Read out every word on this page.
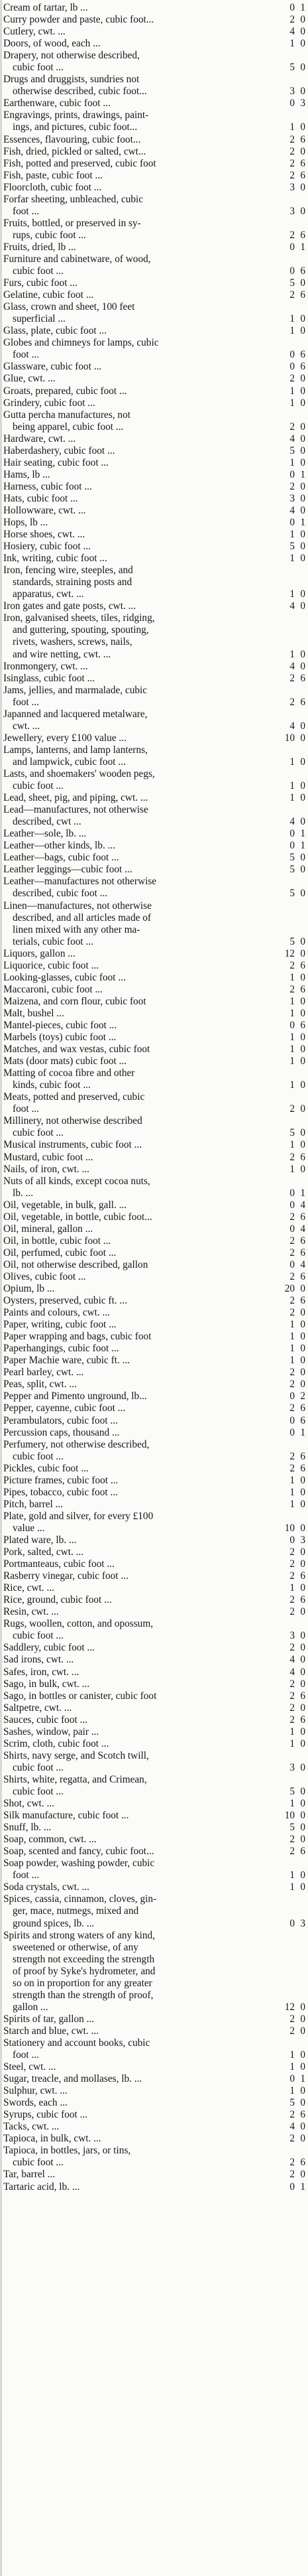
Cream of tartar, lb ...	0 1
Curry powder and paste, cubic foot...	2 0
Cutlery, cwt. ...	4 0
Doors, of wood, each ...	1 0
Drapery, not otherwise described,
cubic foot ...	5 0
Drugs and druggists, sundries not
otherwise described, cubic foot...	3 0
Earthenware, cubic foot ...	0 3
Engravings, prints, drawings, paint-
ings, and pictures, cubic foot...	1 0
Essences, flavouring, cubic foot...	2 6
Fish, dried, pickled or salted, cwt...	2 0
Fish, potted and preserved, cubic foot	2 6
Fish, paste, cubic foot ...	2 6
Floorcloth, cubic foot ...	3 0
Forfar sheeting, unbleached, cubic
foot ...	3 0
Fruits, bottled, or preserved in sy-
rups, cubic foot ...	2 6
Fruits, dried, lb ...	0 1
Furniture and cabinetware, of wood,
cubic foot ...	0 6
Furs, cubic foot ...	5 0
Gelatine, cubic foot ...	2 6
Glass, crown and sheet, 100 feet
superficial ...	1 0
Glass, plate, cubic foot ...	1 0
Globes and chimneys for lamps, cubic
foot ...	0 6
Glassware, cubic foot ...	0 6
Glue, cwt. ...	2 0
Groats, prepared, cubic foot ...	1 0
Grindery, cubic foot ...	1 0
Gutta percha manufactures, not
being apparel, cubic foot ...	2 0
Hardware, cwt. ...	4 0
Haberdashery, cubic foot ...	5 0
Hair seating, cubic foot ...	1 0
Hams, lb ...	0 1
Harness, cubic foot ...	2 0
Hats, cubic foot ...	3 0
Hollowware, cwt. ...	4 0
Hops, lb ...	0 1
Horse shoes, cwt. ...	1 0
Hosiery, cubic foot ...	5 0
Ink, writing, cubic foot ...	1 0
Iron, fencing wire, steeples, and
standards, straining posts and
apparatus, cwt. ...	1 0
Iron gates and gate posts, cwt. ...	4 0
Iron, galvanised sheets, tiles, ridging,
and guttering, spouting, spouting,
rivets, washers, screws, nails,
and wire netting, cwt. ...	1 0
Ironmongery, cwt. ...	4 0
Isinglass, cubic foot ...	2 6
Jams, jellies, and marmalade, cubic
foot ...	2 6
Japanned and lacquered metalware,
cwt. ...	4 0
Jewellery, every £100 value ...	10 0
Lamps, lanterns, and lamp lanterns,
and lampwick, cubic foot ...	1 0
Lasts, and shoemakers' wooden pegs,
cubic foot ...	1 0
Lead, sheet, pig, and piping, cwt. ...	1 0
Lead—manufactures, not otherwise
described, cwt ...	4 0
Leather—sole, lb. ...	0 1
Leather—other kinds, lb. ...	0 1
Leather—bags, cubic foot ...	5 0
Leather leggings—cubic foot ...	5 0
Leather—manufactures not otherwise
described, cubic foot ...	5 0
Linen—manufactures, not otherwise
described, and all articles made of
linen mixed with any other ma-
terials, cubic foot ...	5 0
Liquors, gallon ...	12 0
Liquorice, cubic foot ...	2 6
Looking-glasses, cubic foot ...	1 0
Maccaroni, cubic foot ...	2 6
Maizena, and corn flour, cubic foot	1 0
Malt, bushel ...	1 0
Mantel-pieces, cubic foot ...	0 6
Marbels (toys) cubic foot ...	1 0
Matches, and wax vestas, cubic foot	1 0
Mats (door mats) cubic foot ...	1 0
Matting of cocoa fibre and other
kinds, cubic foot ...	1 0
Meats, potted and preserved, cubic
foot ...	2 0
Millinery, not otherwise described
cubic foot ...	5 0
Musical instruments, cubic foot ...	1 0
Mustard, cubic foot ...	2 6
Nails, of iron, cwt. ...	1 0
Nuts of all kinds, except cocoa nuts,
lb. ...	0 1
Oil, vegetable, in bulk, gall. ...	0 4
Oil, vegetable, in bottle, cubic foot...	2 6
Oil, mineral, gallon ...	0 4
Oil, in bottle, cubic foot ...	2 6
Oil, perfumed, cubic foot ...	2 6
Oil, not otherwise described, gallon	0 4
Olives, cubic foot ...	2 6
Opium, lb ...	20 0
Oysters, preserved, cubic ft. ...	2 6
Paints and colours, cwt. ...	2 0
Paper, writing, cubic foot ...	1 0
Paper wrapping and bags, cubic foot	1 0
Paperhangings, cubic foot ...	1 0
Paper Machie ware, cubic ft. ...	1 0
Pearl barley, cwt. ...	2 0
Peas, split, cwt. ...	2 0
Pepper and Pimento unground, lb...	0 2
Pepper, cayenne, cubic foot ...	2 6
Perambulators, cubic foot ...	0 6
Percussion caps, thousand ...	0 1
Perfumery, not otherwise described,
cubic foot ...	2 6
Pickles, cubic foot ...	2 6
Picture frames, cubic foot ...	1 0
Pipes, tobacco, cubic foot ...	1 0
Pitch, barrel ...	1 0
Plate, gold and silver, for every £100
value ...	10 0
Plated ware, lb. ...	0 3
Pork, salted, cwt. ...	2 0
Portmanteaus, cubic foot ...	2 0
Rasberry vinegar, cubic foot ...	2 6
Rice, cwt. ...	1 0
Rice, ground, cubic foot ...	2 6
Resin, cwt. ...	2 0
Rugs, woollen, cotton, and opossum,
cubic foot ...	3 0
Saddlery, cubic foot ...	2 0
Sad irons, cwt. ...	4 0
Safes, iron, cwt. ...	4 0
Sago, in bulk, cwt. ...	2 0
Sago, in bottles or canister, cubic foot	2 6
Saltpetre, cwt. ...	2 0
Sauces, cubic foot ...	2 6
Sashes, window, pair ...	1 0
Scrim, cloth, cubic foot ...	1 0
Shirts, navy serge, and Scotch twill,
cubic foot ...	3 0
Shirts, white, regatta, and Crimean,
cubic foot ...	5 0
Shot, cwt. ...	1 0
Silk manufacture, cubic foot ...	10 0
Snuff, lb. ...	5 0
Soap, common, cwt. ...	2 0
Soap, scented and fancy, cubic foot...	2 6
Soap powder, washing powder, cubic
foot ...	1 0
Soda crystals, cwt. ...	1 0
Spices, cassia, cinnamon, cloves, gin-
ger, mace, nutmegs, mixed and
ground spices, lb. ...	0 3
Spirits and strong waters of any kind,
sweetened or otherwise, of any
strength not exceeding the strength
of proof by Syke's hydrometer, and
so on in proportion for any greater
strength than the strength of proof,
gallon ...	12 0
Spirits of tar, gallon ...	2 0
Starch and blue, cwt. ...	2 0
Stationery and account books, cubic
foot ...	1 0
Steel, cwt. ...	1 0
Sugar, treacle, and mollases, lb. ...	0 1
Sulphur, cwt. ...	1 0
Swords, each ...	5 0
Syrups, cubic foot ...	2 6
Tacks, cwt. ...	4 0
Tapioca, in bulk, cwt. ...	2 0
Tapioca, in bottles, jars, or tins,
cubic foot ...	2 6
Tar, barrel ...	2 0
Tartaric acid, lb. ...	0 1
